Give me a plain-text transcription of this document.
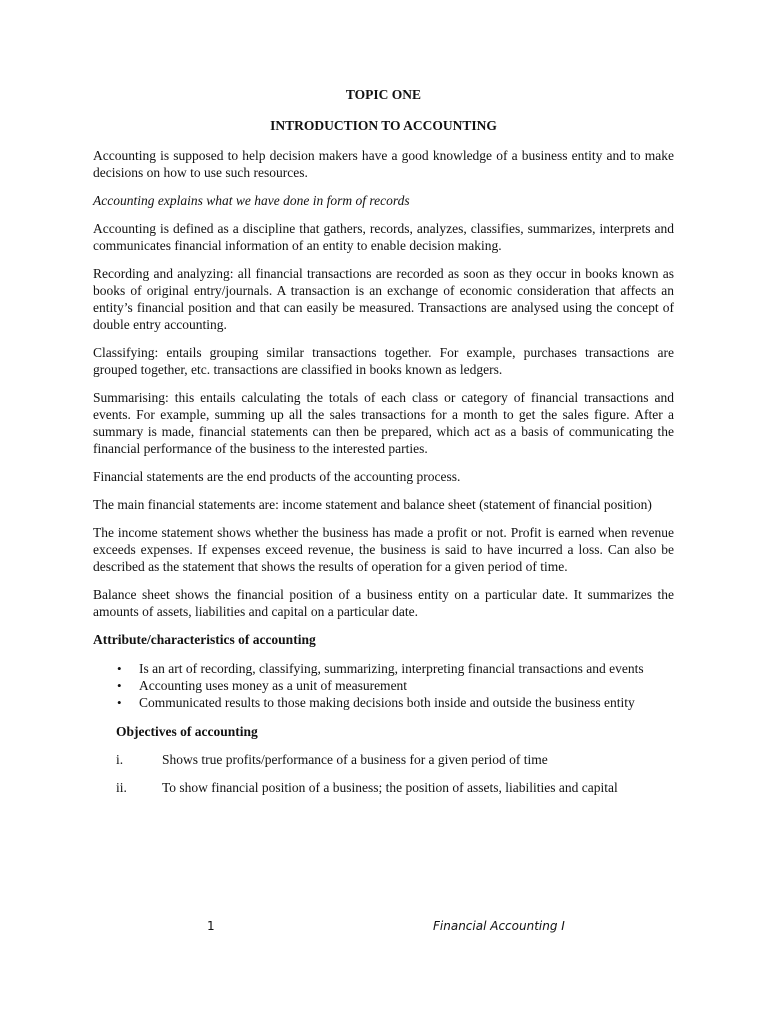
TOPIC ONE
INTRODUCTION TO ACCOUNTING

Accounting is supposed to help decision makers have a good knowledge of a business entity and to make decisions on how to use such resources.

Accounting explains what we have done in form of records

Accounting is defined as a discipline that gathers, records, analyzes, classifies, summarizes, interprets and communicates financial information of an entity to enable decision making.

Recording and analyzing: all financial transactions are recorded as soon as they occur in books known as books of original entry/journals. A transaction is an exchange of economic consideration that affects an entity’s financial position and that can easily be measured. Transactions are analysed using the concept of double entry accounting.

Classifying: entails grouping similar transactions together. For example, purchases transactions are grouped together, etc. transactions are classified in books known as ledgers.

Summarising: this entails calculating the totals of each class or category of financial transactions and events. For example, summing up all the sales transactions for a month to get the sales figure. After a summary is made, financial statements can then be prepared, which act as a basis of communicating the financial performance of the business to the interested parties.

Financial statements are the end products of the accounting process.

The main financial statements are: income statement and balance sheet (statement of financial position)

The income statement shows whether the business has made a profit or not. Profit is earned when revenue exceeds expenses. If expenses exceed revenue, the business is said to have incurred a loss. Can also be described as the statement that shows the results of operation for a given period of time.

Balance sheet shows the financial position of a business entity on a particular date. It summarizes the amounts of assets, liabilities and capital on a particular date.

Attribute/characteristics of accounting
• Is an art of recording, classifying, summarizing, interpreting financial transactions and events
• Accounting uses money as a unit of measurement
• Communicated results to those making decisions both inside and outside the business entity
Objectives of accounting
i.	Shows true profits/performance of a business for a given period of time
ii.	To show financial position of a business; the position of assets, liabilities and capital
1	Financial Accounting I
